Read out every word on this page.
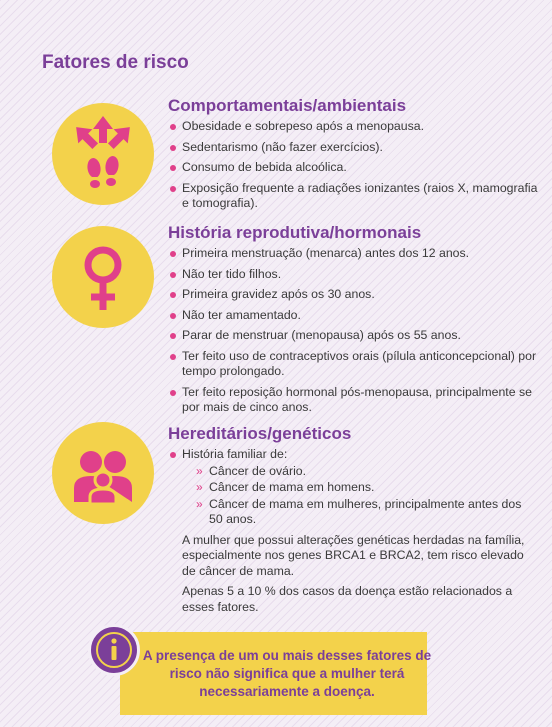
Fatores de risco
Comportamentais/ambientais
Obesidade e sobrepeso após a menopausa.
Sedentarismo (não fazer exercícios).
Consumo de bebida alcoólica.
Exposição frequente a radiações ionizantes (raios X, mamografia e tomografia).
História reprodutiva/hormonais
Primeira menstruação (menarca) antes dos 12 anos.
Não ter tido filhos.
Primeira gravidez após os 30 anos.
Não ter amamentado.
Parar de menstruar (menopausa) após os 55 anos.
Ter feito uso de contraceptivos orais (pílula anticoncepcional) por tempo prolongado.
Ter feito reposição hormonal pós-menopausa, principalmente se por mais de cinco anos.
Hereditários/genéticos
História familiar de:
» Câncer de ovário.
» Câncer de mama em homens.
» Câncer de mama em mulheres, principalmente antes dos 50 anos.

A mulher que possui alterações genéticas herdadas na família, especialmente nos genes BRCA1 e BRCA2, tem risco elevado de câncer de mama.

Apenas 5 a 10 % dos casos da doença estão relacionados a esses fatores.

A presença de um ou mais desses fatores de risco não significa que a mulher terá necessariamente a doença.
